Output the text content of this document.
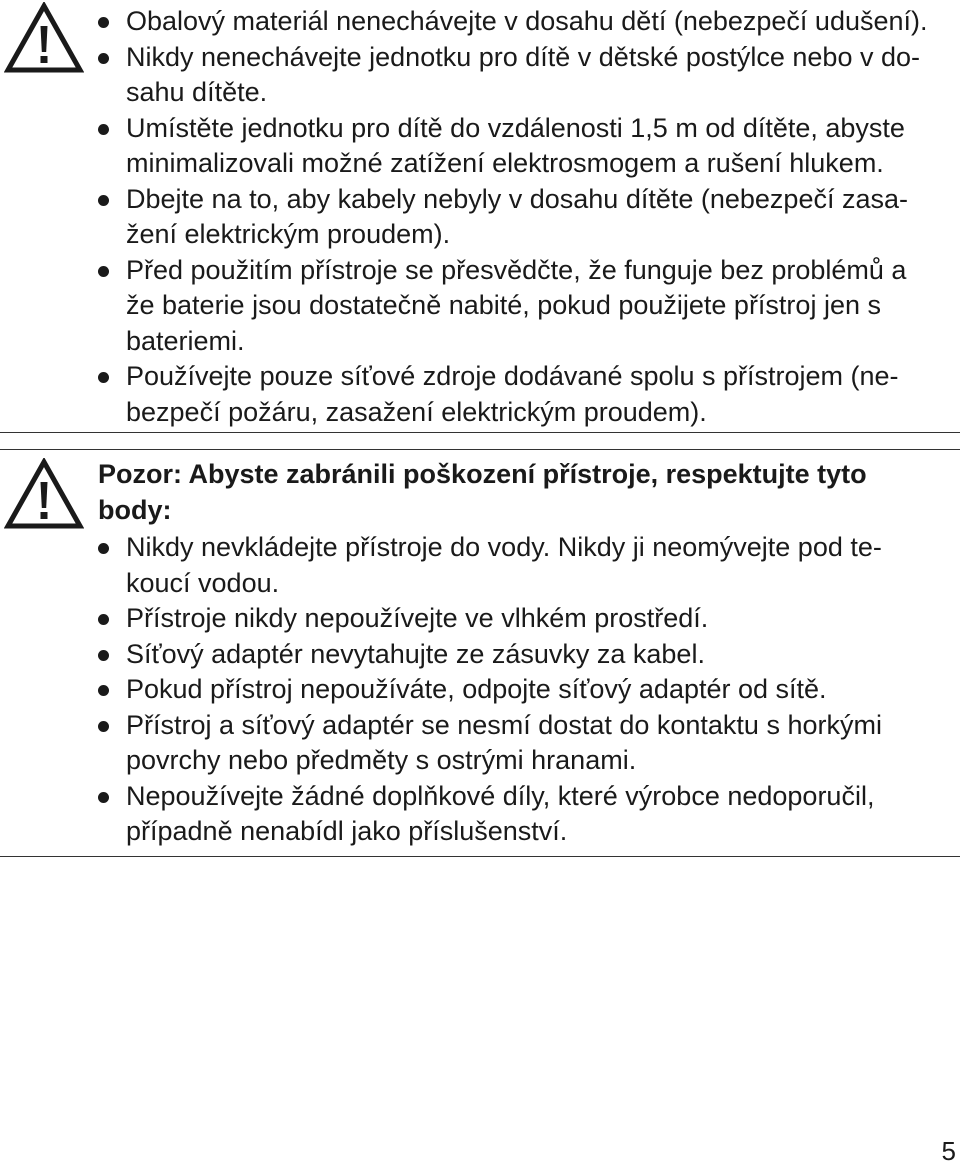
Obalový materiál nenechávejte v dosahu dětí (nebezpečí udušení).
Nikdy nenechávejte jednotku pro dítě v dětské postýlce nebo v do-
sahu dítěte.
Umístěte jednotku pro dítě do vzdálenosti 1,5 m od dítěte, abyste
minimalizovali možné zatížení elektrosmogem a rušení hlukem.
Dbejte na to, aby kabely nebyly v dosahu dítěte (nebezpečí zasa-
žení elektrickým proudem).
Před použitím přístroje se přesvědčte, že funguje bez problémů a
že baterie jsou dostatečně nabité, pokud použijete přístroj jen s
bateriemi.
Používejte pouze síťové zdroje dodávané spolu s přístrojem (ne-
bezpečí požáru, zasažení elektrickým proudem).
Pozor: Abyste zabránili poškození přístroje, respektujte tyto
body:
Nikdy nevkládejte přístroje do vody. Nikdy ji neomývejte pod te-
koucí vodou.
Přístroje nikdy nepoužívejte ve vlhkém prostředí.
Síťový adaptér nevytahujte ze zásuvky za kabel.
Pokud přístroj nepoužíváte, odpojte síťový adaptér od sítě.
Přístroj a síťový adaptér se nesmí dostat do kontaktu s horkými
povrchy nebo předměty s ostrými hranami.
Nepoužívejte žádné doplňkové díly, které výrobce nedoporučil,
případně nenabídl jako příslušenství.
5
